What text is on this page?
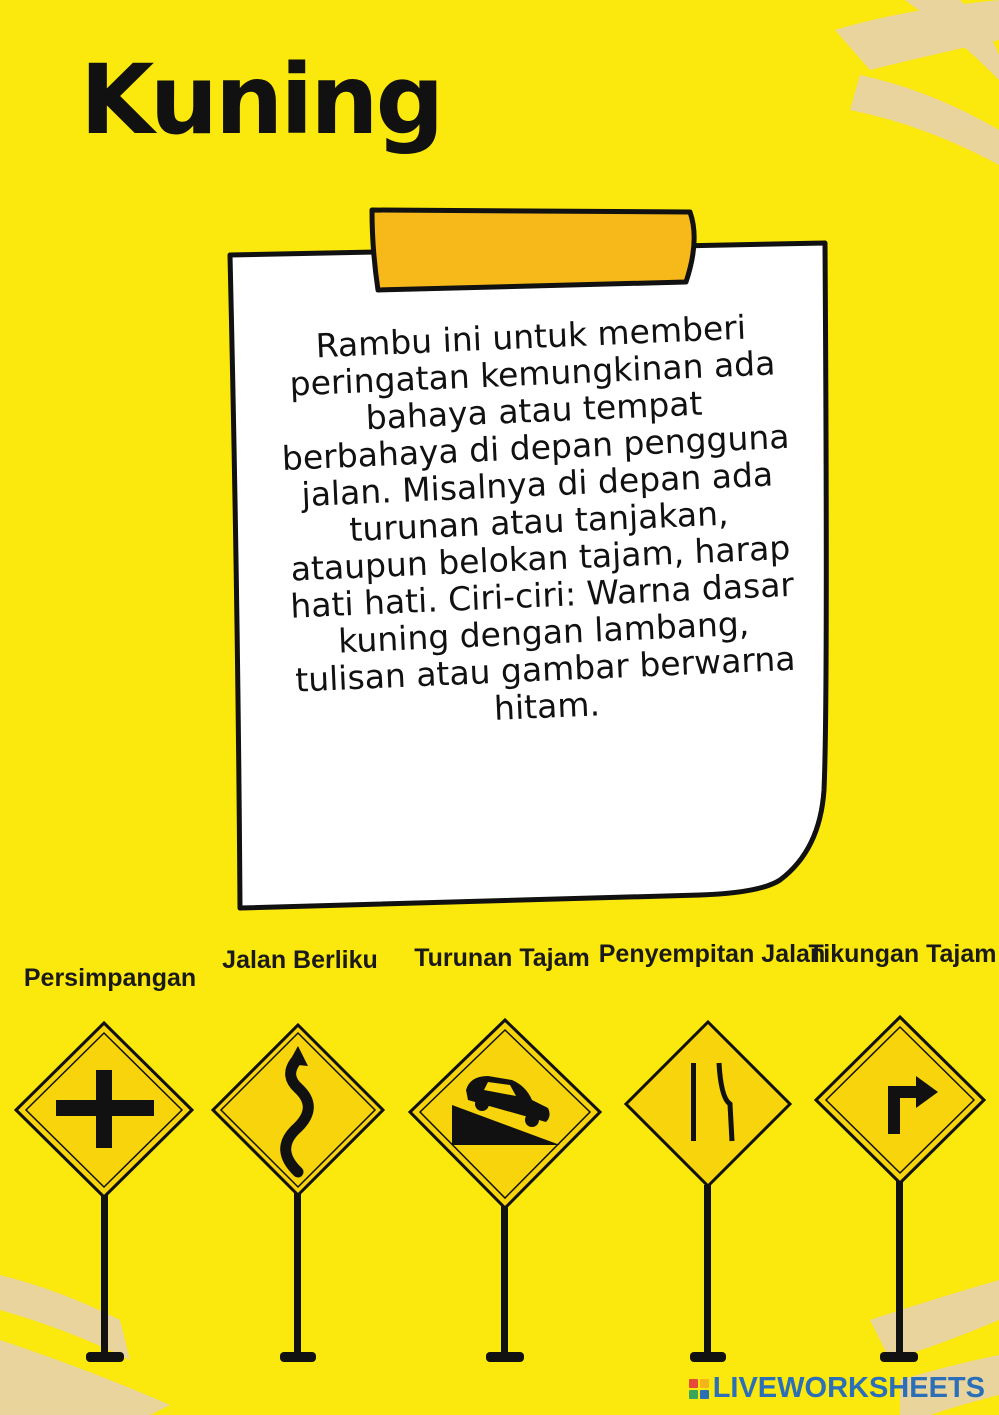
Kuning
Rambu ini untuk memberi peringatan kemungkinan ada bahaya atau tempat berbahaya di depan pengguna jalan. Misalnya di depan ada turunan atau tanjakan, ataupun belokan tajam, harap hati hati. Ciri-ciri: Warna dasar kuning dengan lambang, tulisan atau gambar berwarna hitam.
Persimpangan
Jalan Berliku	Turunan Tajam Penyempitan Jalan
Tikungan Tajam
LIVEWORKSHEETS
